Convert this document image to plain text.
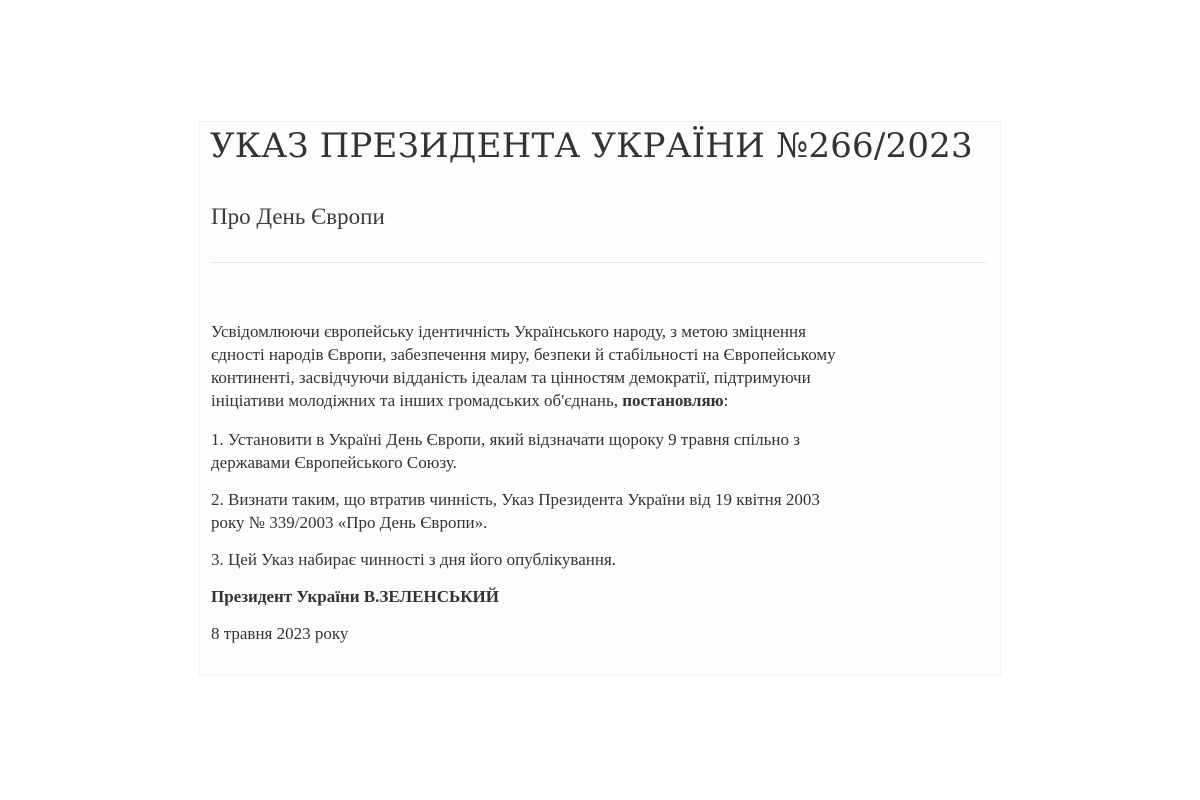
УКАЗ ПРЕЗИДЕНТА УКРАЇНИ №266/2023
Про День Європи

Усвідомлюючи європейську ідентичність Українського народу, з метою зміцнення
єдності народів Європи, забезпечення миру, безпеки й стабільності на Європейському
континенті, засвідчуючи відданість ідеалам та цінностям демократії, підтримуючи
ініціативи молодіжних та інших громадських об'єднань, постановляю:

1. Установити в Україні День Європи, який відзначати щороку 9 травня спільно з
державами Європейського Союзу.

2. Визнати таким, що втратив чинність, Указ Президента України від 19 квітня 2003
року № 339/2003 «Про День Європи».

3. Цей Указ набирає чинності з дня його опублікування.

Президент України В.ЗЕЛЕНСЬКИЙ

8 травня 2023 року
